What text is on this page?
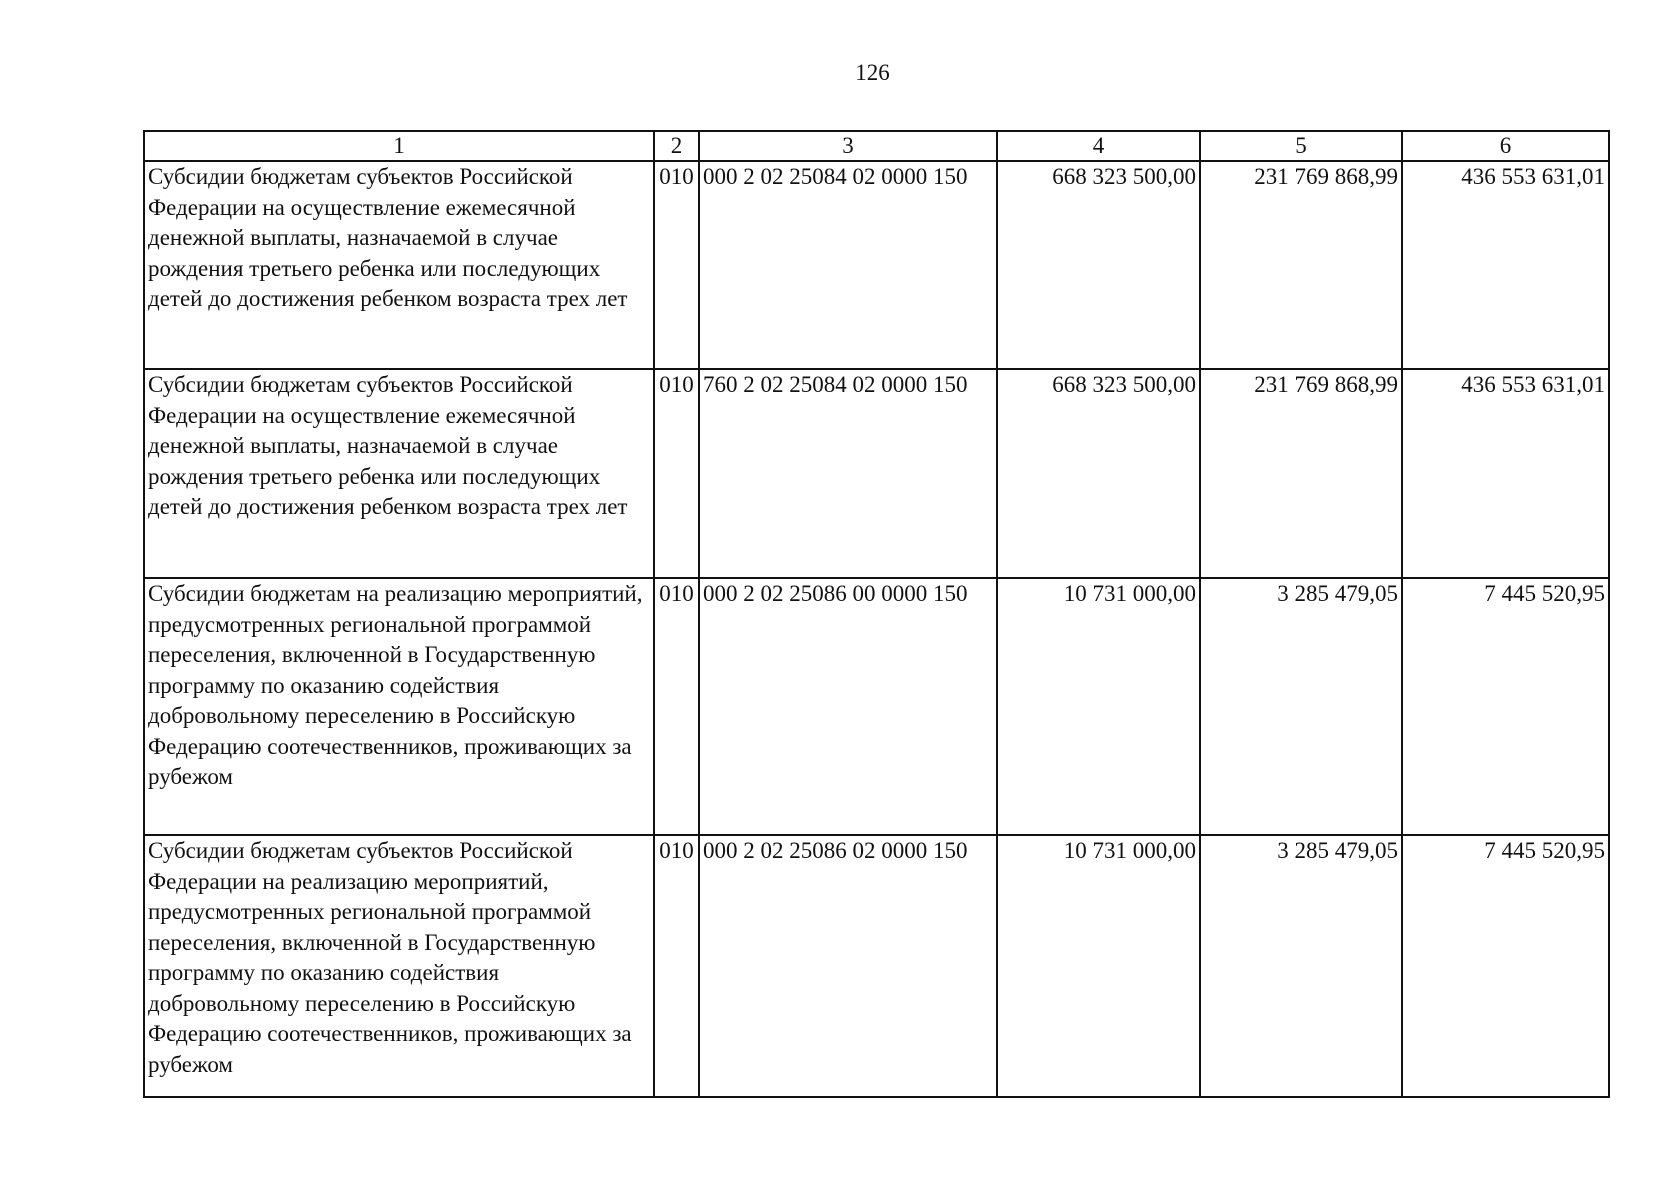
126
1	2	3	4	5	6
Субсидии бюджетам субъектов Российской Федерации на осуществление ежемесячной денежной выплаты, назначаемой в случае рождения третьего ребенка или последующих детей до достижения ребенком возраста трех лет	010	000 2 02 25084 02 0000 150	668 323 500,00	231 769 868,99	436 553 631,01
Субсидии бюджетам субъектов Российской Федерации на осуществление ежемесячной денежной выплаты, назначаемой в случае рождения третьего ребенка или последующих детей до достижения ребенком возраста трех лет	010	760 2 02 25084 02 0000 150	668 323 500,00	231 769 868,99	436 553 631,01
Субсидии бюджетам на реализацию мероприятий, предусмотренных региональной программой переселения, включенной в Государственную программу по оказанию содействия добровольному переселению в Российскую Федерацию соотечественников, проживающих за рубежом	010	000 2 02 25086 00 0000 150	10 731 000,00	3 285 479,05	7 445 520,95
Субсидии бюджетам субъектов Российской Федерации на реализацию мероприятий, предусмотренных региональной программой переселения, включенной в Государственную программу по оказанию содействия добровольному переселению в Российскую Федерацию соотечественников, проживающих за рубежом	010	000 2 02 25086 02 0000 150	10 731 000,00	3 285 479,05	7 445 520,95
